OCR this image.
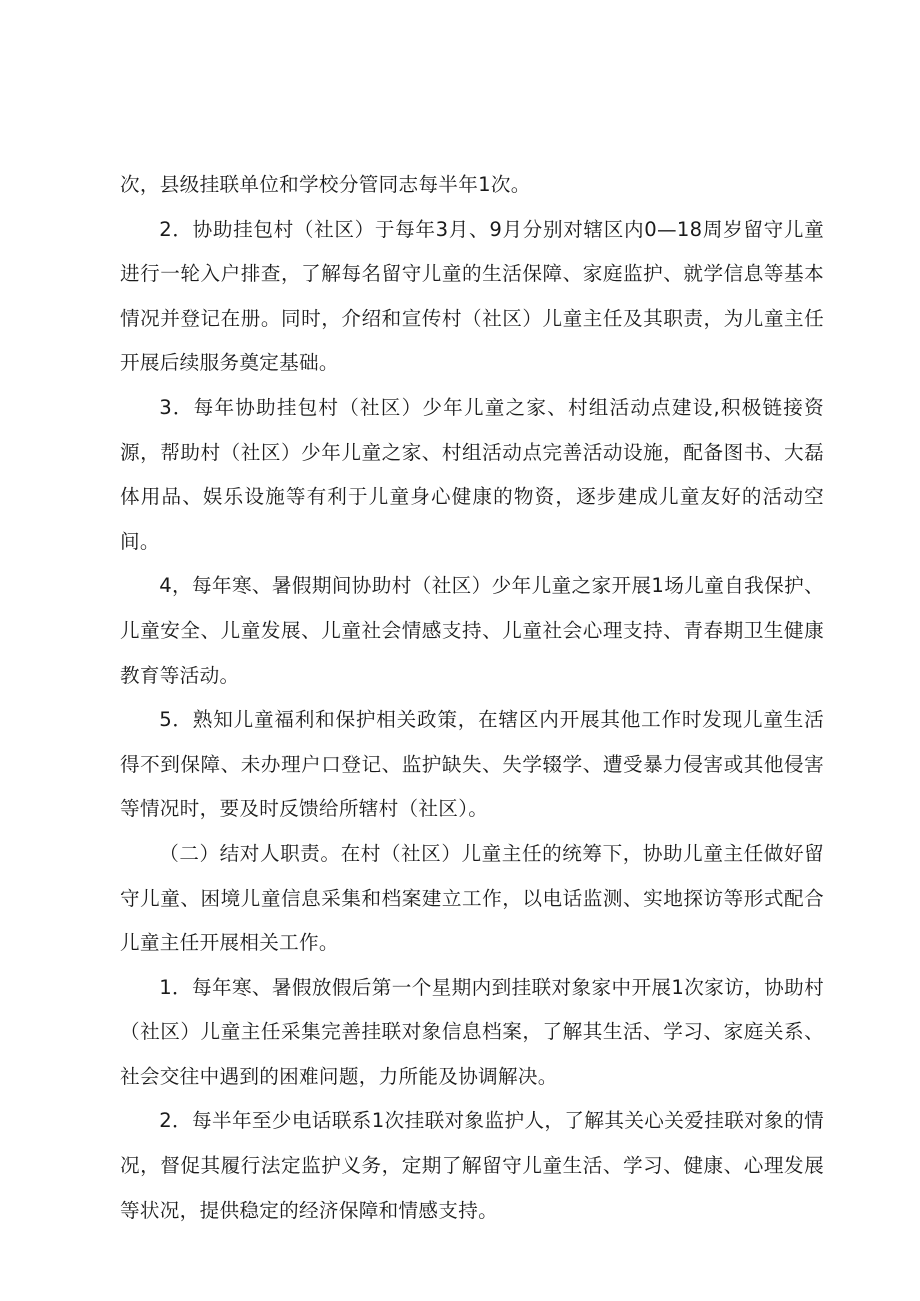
次，县级挂联单位和学校分管同志每半年1次。

2．协助挂包村（社区）于每年3月、9月分别对辖区内0—18周岁留守儿童进行一轮入户排查，了解每名留守儿童的生活保障、家庭监护、就学信息等基本情况并登记在册。同时，介绍和宣传村（社区）儿童主任及其职责，为儿童主任开展后续服务奠定基础。

3．每年协助挂包村（社区）少年儿童之家、村组活动点建设,积极链接资源，帮助村（社区）少年儿童之家、村组活动点完善活动设施，配备图书、大磊体用品、娱乐设施等有利于儿童身心健康的物资，逐步建成儿童友好的活动空间。

4，每年寒、暑假期间协助村（社区）少年儿童之家开展1场儿童自我保护、儿童安全、儿童发展、儿童社会情感支持、儿童社会心理支持、青春期卫生健康教育等活动。

5．熟知儿童福利和保护相关政策，在辖区内开展其他工作时发现儿童生活得不到保障、未办理户口登记、监护缺失、失学辍学、遭受暴力侵害或其他侵害等情况时，要及时反馈给所辖村（社区）。

（二）结对人职责。在村（社区）儿童主任的统筹下，协助儿童主任做好留守儿童、困境儿童信息采集和档案建立工作，以电话监测、实地探访等形式配合儿童主任开展相关工作。

1．每年寒、暑假放假后第一个星期内到挂联对象家中开展1次家访，协助村（社区）儿童主任采集完善挂联对象信息档案，了解其生活、学习、家庭关系、社会交往中遇到的困难问题，力所能及协调解决。

2．每半年至少电话联系1次挂联对象监护人，了解其关心关爱挂联对象的情况，督促其履行法定监护义务，定期了解留守儿童生活、学习、健康、心理发展等状况，提供稳定的经济保障和情感支持。
